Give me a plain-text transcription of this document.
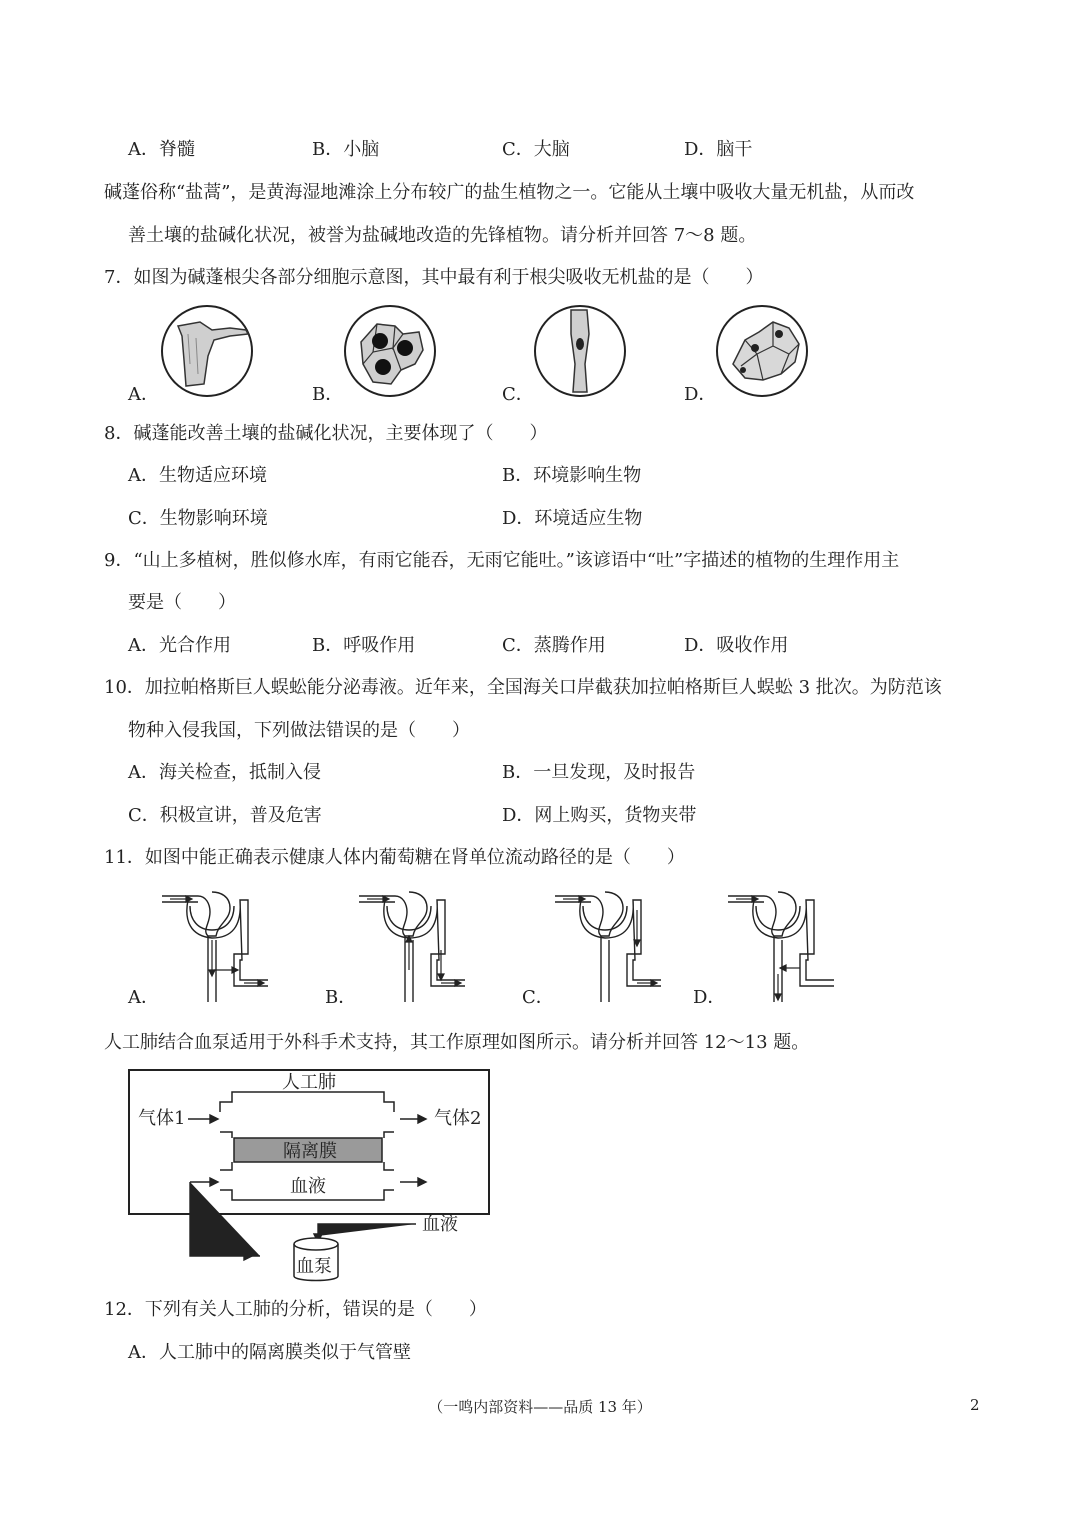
A．脊髓	B．小脑	C．大脑	D．脑干
碱蓬俗称“盐蒿”，是黄海湿地滩涂上分布较广的盐生植物之一。它能从土壤中吸收大量无机盐，从而改
善土壤的盐碱化状况，被誉为盐碱地改造的先锋植物。请分析并回答 7～8 题。
7．如图为碱蓬根尖各部分细胞示意图，其中最有利于根尖吸收无机盐的是（　　）
A．	B．	C．	D．
8．碱蓬能改善土壤的盐碱化状况，主要体现了（　　）
A．生物适应环境	B．环境影响生物
C．生物影响环境	D．环境适应生物
9．“山上多植树，胜似修水库，有雨它能吞，无雨它能吐。”该谚语中“吐”字描述的植物的生理作用主
要是（　　）
A．光合作用	B．呼吸作用	C．蒸腾作用	D．吸收作用
10．加拉帕格斯巨人蜈蚣能分泌毒液。近年来，全国海关口岸截获加拉帕格斯巨人蜈蚣 3 批次。为防范该
物种入侵我国，下列做法错误的是（　　）
A．海关检查，抵制入侵	B．一旦发现，及时报告
C．积极宣讲，普及危害	D．网上购买，货物夹带
11．如图中能正确表示健康人体内葡萄糖在肾单位流动路径的是（　　）
A．	B．	C．	D．
人工肺结合血泵适用于外科手术支持，其工作原理如图所示。请分析并回答 12～13 题。
人工肺
气体1	气体2
隔离膜
血液
血液
血泵
12．下列有关人工肺的分析，错误的是（　　）
A．人工肺中的隔离膜类似于气管壁
（一鸣内部资料——品质 13 年）	2
